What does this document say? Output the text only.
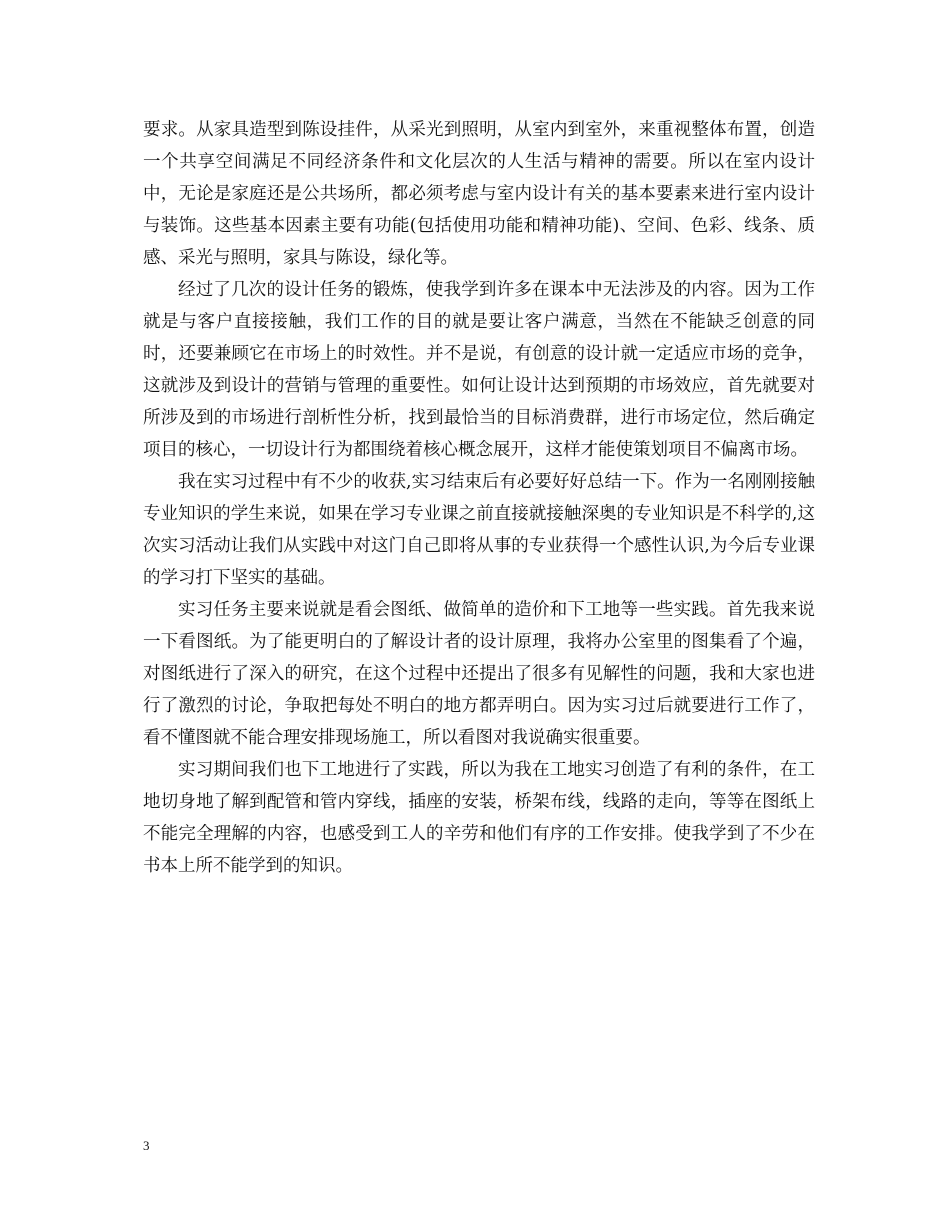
要求。从家具造型到陈设挂件，从采光到照明，从室内到室外，来重视整体布置，创造一个共享空间满足不同经济条件和文化层次的人生活与精神的需要。所以在室内设计中，无论是家庭还是公共场所，都必须考虑与室内设计有关的基本要素来进行室内设计与装饰。这些基本因素主要有功能(包括使用功能和精神功能)、空间、色彩、线条、质感、采光与照明，家具与陈设，绿化等。

经过了几次的设计任务的锻炼，使我学到许多在课本中无法涉及的内容。因为工作就是与客户直接接触，我们工作的目的就是要让客户满意，当然在不能缺乏创意的同时，还要兼顾它在市场上的时效性。并不是说，有创意的设计就一定适应市场的竞争，这就涉及到设计的营销与管理的重要性。如何让设计达到预期的市场效应，首先就要对所涉及到的市场进行剖析性分析，找到最恰当的目标消费群，进行市场定位，然后确定项目的核心，一切设计行为都围绕着核心概念展开，这样才能使策划项目不偏离市场。

我在实习过程中有不少的收获,实习结束后有必要好好总结一下。作为一名刚刚接触专业知识的学生来说，如果在学习专业课之前直接就接触深奥的专业知识是不科学的,这次实习活动让我们从实践中对这门自己即将从事的专业获得一个感性认识,为今后专业课的学习打下坚实的基础。

实习任务主要来说就是看会图纸、做简单的造价和下工地等一些实践。首先我来说一下看图纸。为了能更明白的了解设计者的设计原理，我将办公室里的图集看了个遍，对图纸进行了深入的研究，在这个过程中还提出了很多有见解性的问题，我和大家也进行了激烈的讨论，争取把每处不明白的地方都弄明白。因为实习过后就要进行工作了，看不懂图就不能合理安排现场施工，所以看图对我说确实很重要。

实习期间我们也下工地进行了实践，所以为我在工地实习创造了有利的条件，在工地切身地了解到配管和管内穿线，插座的安装，桥架布线，线路的走向，等等在图纸上不能完全理解的内容，也感受到工人的辛劳和他们有序的工作安排。使我学到了不少在书本上所不能学到的知识。

3
